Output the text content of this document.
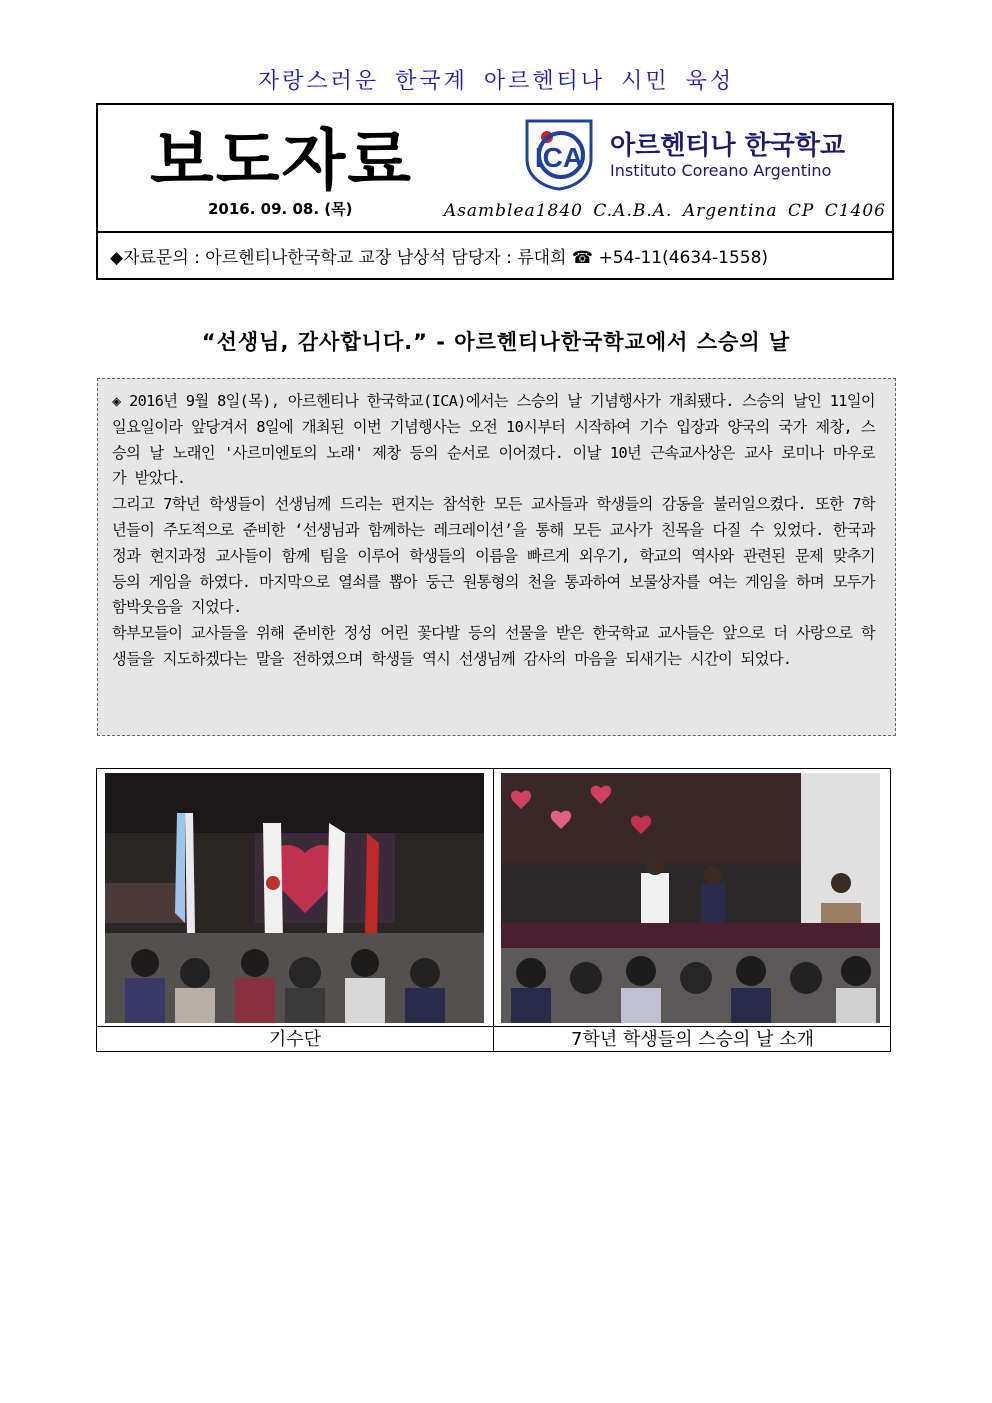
자랑스러운 한국계 아르헨티나 시민 육성
보도자료
2016. 09. 08. (목)
ICA 아르헨티나 한국학교
Instituto Coreano Argentino
Asamblea1840 C.A.B.A. Argentina CP C1406
◆자료문의 : 아르헨티나한국학교 교장 남상석 담당자 : 류대희 ☎ +54-11(4634-1558)
“선생님, 감사합니다.” - 아르헨티나한국학교에서 스승의 날

◈ 2016년 9월 8일(목), 아르헨티나 한국학교(ICA)에서는 스승의 날 기념행사가 개최됐다. 스승의 날인 11일이 일요일이라 앞당겨서 8일에 개최된 이번 기념행사는 오전 10시부터 시작하여 기수 입장과 양국의 국가 제창, 스승의 날 노래인 '사르미엔토의 노래' 제창 등의 순서로 이어졌다. 이날 10년 근속교사상은 교사 로미나 마우로가 받았다.

그리고 7학년 학생들이 선생님께 드리는 편지는 참석한 모든 교사들과 학생들의 감동을 불러일으켰다. 또한 7학년들이 주도적으로 준비한 ‘선생님과 함께하는 레크레이션’을 통해 모든 교사가 친목을 다질 수 있었다. 한국과정과 현지과정 교사들이 함께 팀을 이루어 학생들의 이름을 빠르게 외우기, 학교의 역사와 관련된 문제 맞추기 등의 게임을 하였다. 마지막으로 열쇠를 뽑아 둥근 원통형의 천을 통과하여 보물상자를 여는 게임을 하며 모두가 함박웃음을 지었다.

학부모들이 교사들을 위해 준비한 정성 어린 꽃다발 등의 선물을 받은 한국학교 교사들은 앞으로 더 사랑으로 학생들을 지도하겠다는 말을 전하였으며 학생들 역시 선생님께 감사의 마음을 되새기는 시간이 되었다.

기수단	7학년 학생들의 스승의 날 소개
